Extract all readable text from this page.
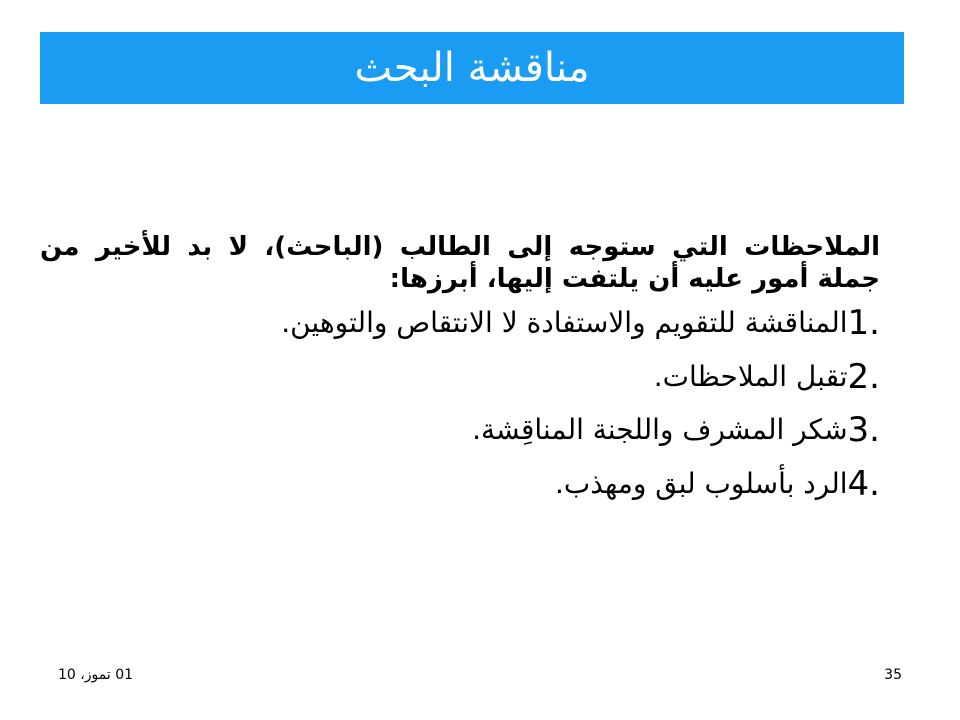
مناقشة البحث

الملاحظات التي ستوجه إلى الطالب (الباحث)، لا بد للأخير من جملة أمور عليه أن يلتفت إليها، أبرزها:

1.المناقشة للتقويم والاستفادة لا الانتقاص والتوهين.
2.تقبل الملاحظات.
3.شكر المشرف واللجنة المناقِشة.
4.الرد بأسلوب لبق ومهذب.
01 تموز، 10	35
